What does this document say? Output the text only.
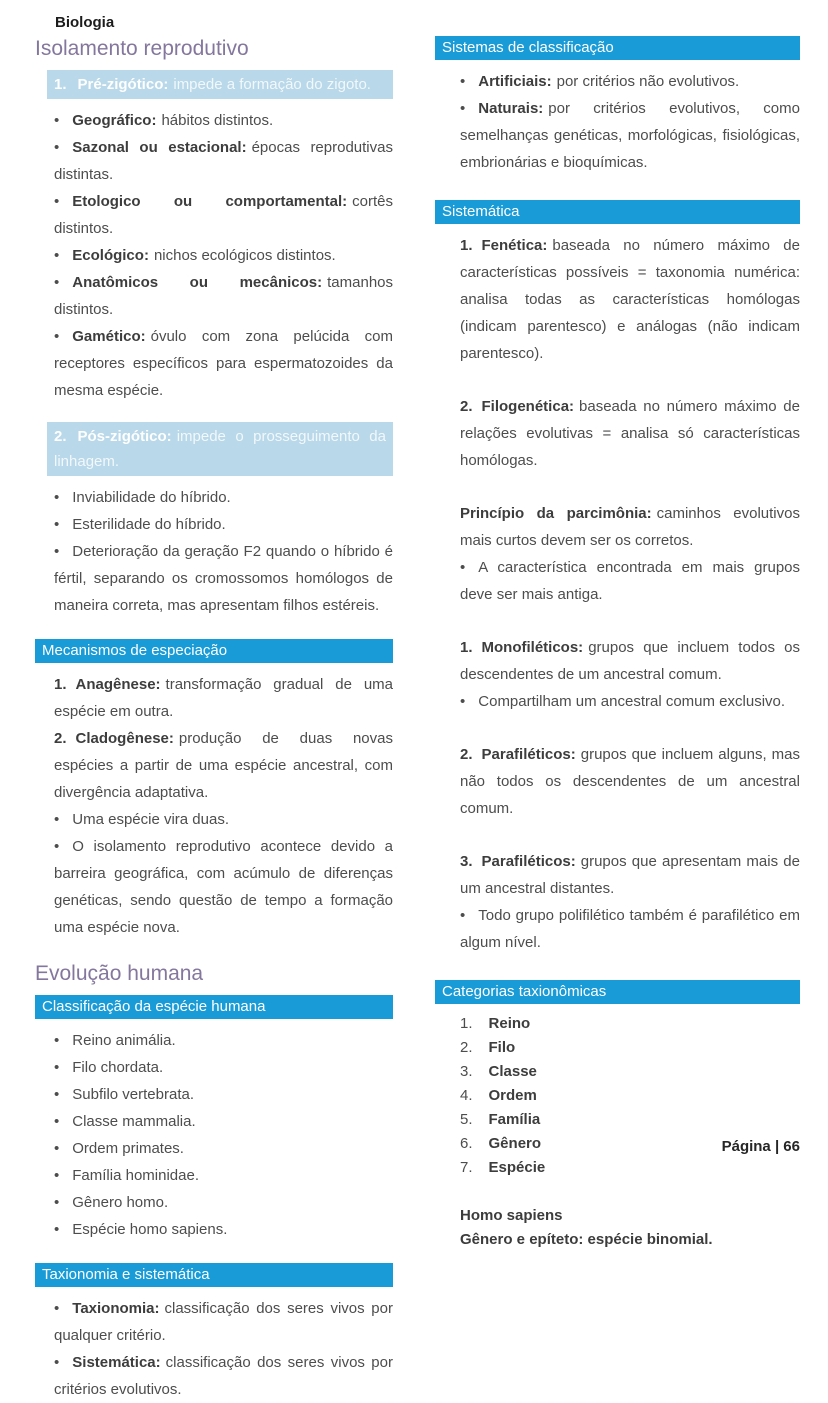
Biologia
Isolamento reprodutivo
1. Pré-zigótico: impede a formação do zigoto.

• Geográfico: hábitos distintos.

• Sazonal ou estacional: épocas reprodutivas distintas.

• Etologico ou comportamental: cortês distintos.

• Ecológico: nichos ecológicos distintos.

• Anatômicos ou mecânicos: tamanhos distintos.

• Gamético: óvulo com zona pelúcida com receptores específicos para espermatozoides da mesma espécie.

2. Pós-zigótico: impede o prosseguimento da linhagem.

• Inviabilidade do híbrido.

• Esterilidade do híbrido.

• Deterioração da geração F2 quando o híbrido é fértil, separando os cromossomos homólogos de maneira correta, mas apresentam filhos estéreis.

Mecanismos de especiação

1. Anagênese: transformação gradual de uma espécie em outra.

2. Cladogênese: produção de duas novas espécies a partir de uma espécie ancestral, com divergência adaptativa.

• Uma espécie vira duas.

• O isolamento reprodutivo acontece devido a barreira geográfica, com acúmulo de diferenças genéticas, sendo questão de tempo a formação uma espécie nova.

Evolução humana
Classificação da espécie humana

• Reino animália.

• Filo chordata.

• Subfilo vertebrata.

• Classe mammalia.

• Ordem primates.

• Família hominidae.

• Gênero homo.

• Espécie homo sapiens.

Taxionomia e sistemática

• Taxionomia: classificação dos seres vivos por qualquer critério.

• Sistemática: classificação dos seres vivos por critérios evolutivos.

Sistemas de classificação

• Artificiais: por critérios não evolutivos.

• Naturais: por critérios evolutivos, como semelhanças genéticas, morfológicas, fisiológicas, embrionárias e bioquímicas.

Sistemática

1. Fenética: baseada no número máximo de características possíveis = taxonomia numérica: analisa todas as características homólogas (indicam parentesco) e análogas (não indicam parentesco).

2. Filogenética: baseada no número máximo de relações evolutivas = analisa só características homólogas.

Princípio da parcimônia: caminhos evolutivos mais curtos devem ser os corretos.

• A característica encontrada em mais grupos deve ser mais antiga.

1. Monofiléticos: grupos que incluem todos os descendentes de um ancestral comum.

• Compartilham um ancestral comum exclusivo.

2. Parafiléticos: grupos que incluem alguns, mas não todos os descendentes de um ancestral comum.

3. Parafiléticos: grupos que apresentam mais de um ancestral distantes.

• Todo grupo polifilético também é parafilético em algum nível.

Categorias taxionômicas

1. Reino

2. Filo

3. Classe

4. Ordem

5. Família

6. Gênero

7. Espécie

Homo sapiens

Gênero e epíteto: espécie binomial.

Página | 66
